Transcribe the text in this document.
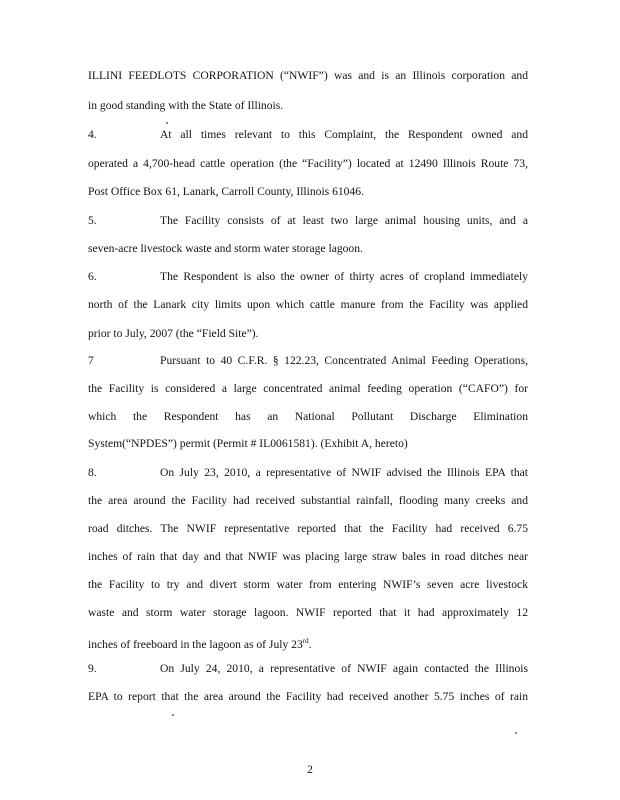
ILLINI FEEDLOTS CORPORATION (“NWIF”) was and is an Illinois corporation and
in good standing with the State of Illinois.
4.	At all times relevant to this Complaint, the Respondent owned and
operated a 4,700-head cattle operation (the “Facility”) located at 12490 Illinois Route 73,
Post Office Box 61, Lanark, Carroll County, Illinois 61046.
5.	The Facility consists of at least two large animal housing units, and a
seven-acre livestock waste and storm water storage lagoon.
6.	The Respondent is also the owner of thirty acres of cropland immediately
north of the Lanark city limits upon which cattle manure from the Facility was applied
prior to July, 2007 (the “Field Site”).
7	Pursuant to 40 C.F.R. § 122.23, Concentrated Animal Feeding Operations,
the Facility is considered a large concentrated animal feeding operation (“CAFO”) for
which the Respondent has an National Pollutant Discharge Elimination
System(“NPDES”) permit (Permit # IL0061581). (Exhibit A, hereto)
8.	On July 23, 2010, a representative of NWIF advised the Illinois EPA that
the area around the Facility had received substantial rainfall, flooding many creeks and
road ditches. The NWIF representative reported that the Facility had received 6.75
inches of rain that day and that NWIF was placing large straw bales in road ditches near
the Facility to try and divert storm water from entering NWIF’s seven acre livestock
waste and storm water storage lagoon. NWIF reported that it had approximately 12
inches of freeboard in the lagoon as of July 23rd.
9.	On July 24, 2010, a representative of NWIF again contacted the Illinois
EPA to report that the area around the Facility had received another 5.75 inches of rain
2
